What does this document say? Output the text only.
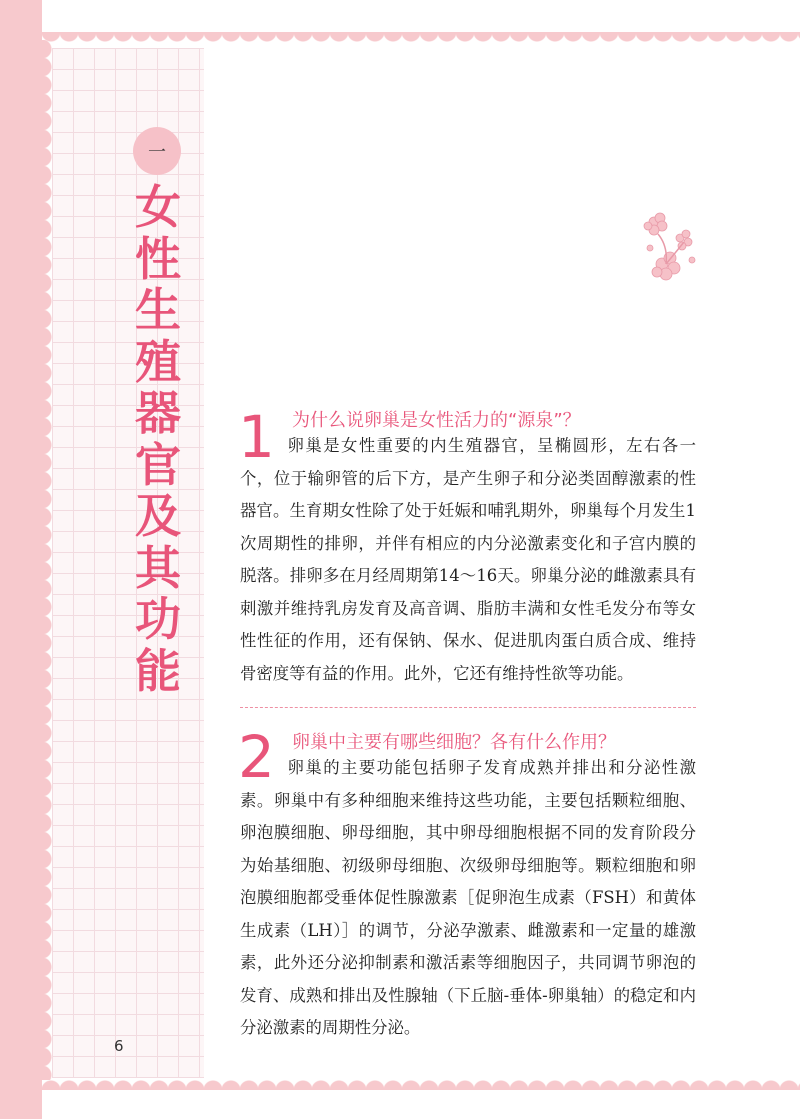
一
女性生殖器官及其功能
1 为什么说卵巢是女性活力的“源泉”？
卵巢是女性重要的内生殖器官，呈椭圆形，左右各一个，位于输卵管的后下方，是产生卵子和分泌类固醇激素的性器官。生育期女性除了处于妊娠和哺乳期外，卵巢每个月发生1次周期性的排卵，并伴有相应的内分泌激素变化和子宫内膜的脱落。排卵多在月经周期第14～16天。卵巢分泌的雌激素具有刺激并维持乳房发育及高音调、脂肪丰满和女性毛发分布等女性性征的作用，还有保钠、保水、促进肌肉蛋白质合成、维持骨密度等有益的作用。此外，它还有维持性欲等功能。
2 卵巢中主要有哪些细胞？各有什么作用？
卵巢的主要功能包括卵子发育成熟并排出和分泌性激素。卵巢中有多种细胞来维持这些功能，主要包括颗粒细胞、卵泡膜细胞、卵母细胞，其中卵母细胞根据不同的发育阶段分为始基细胞、初级卵母细胞、次级卵母细胞等。颗粒细胞和卵泡膜细胞都受垂体促性腺激素［促卵泡生成素（FSH）和黄体生成素（LH）］的调节，分泌孕激素、雌激素和一定量的雄激素，此外还分泌抑制素和激活素等细胞因子，共同调节卵泡的发育、成熟和排出及性腺轴（下丘脑-垂体-卵巢轴）的稳定和内分泌激素的周期性分泌。
6
